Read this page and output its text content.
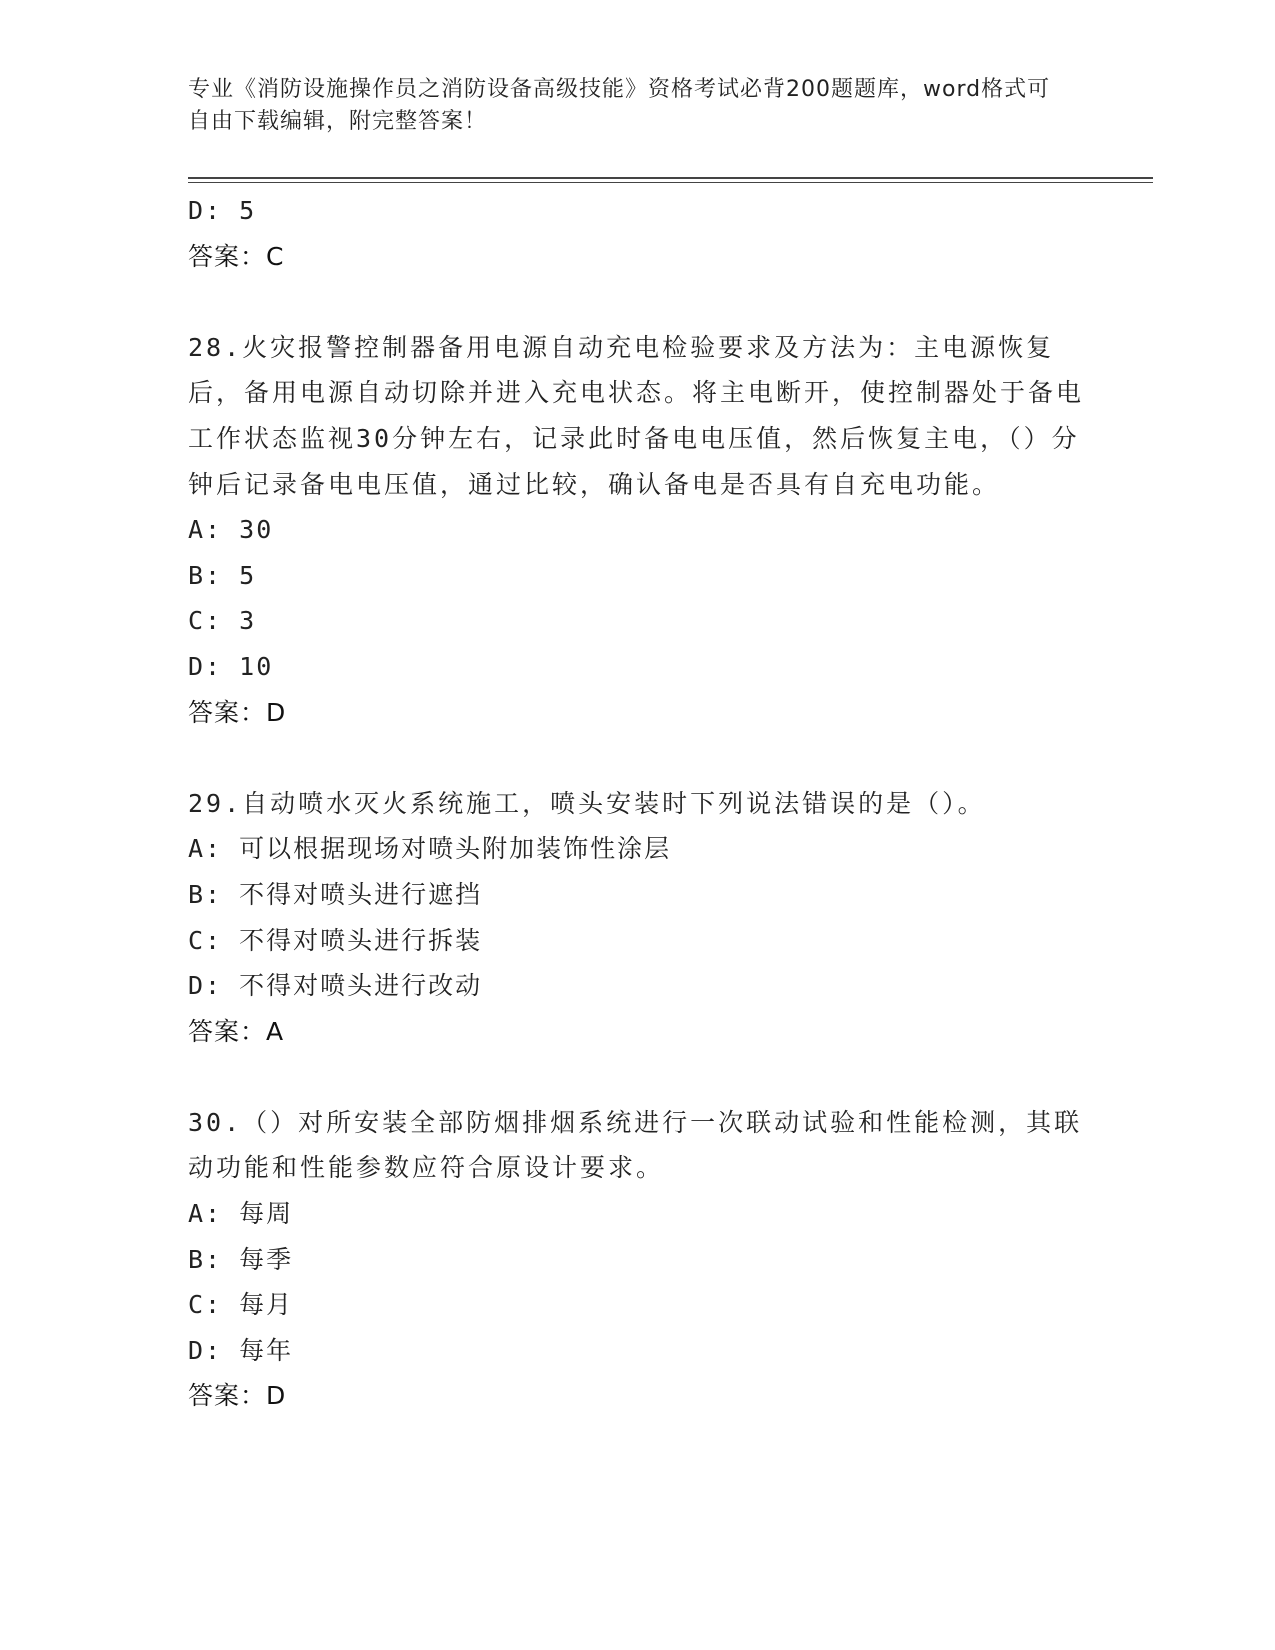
专业《消防设施操作员之消防设备高级技能》资格考试必背200题题库，word格式可自由下载编辑，附完整答案！
D: 5
答案：C
28.火灾报警控制器备用电源自动充电检验要求及方法为：主电源恢复后，备用电源自动切除并进入充电状态。将主电断开，使控制器处于备电工作状态监视30分钟左右，记录此时备电电压值，然后恢复主电，（）分钟后记录备电电压值，通过比较，确认备电是否具有自充电功能。
A: 30
B: 5
C: 3
D: 10
答案：D
29.自动喷水灭火系统施工，喷头安装时下列说法错误的是（）。
A: 可以根据现场对喷头附加装饰性涂层
B: 不得对喷头进行遮挡
C: 不得对喷头进行拆装
D: 不得对喷头进行改动
答案：A
30.（）对所安装全部防烟排烟系统进行一次联动试验和性能检测，其联动功能和性能参数应符合原设计要求。
A: 每周
B: 每季
C: 每月
D: 每年
答案：D
